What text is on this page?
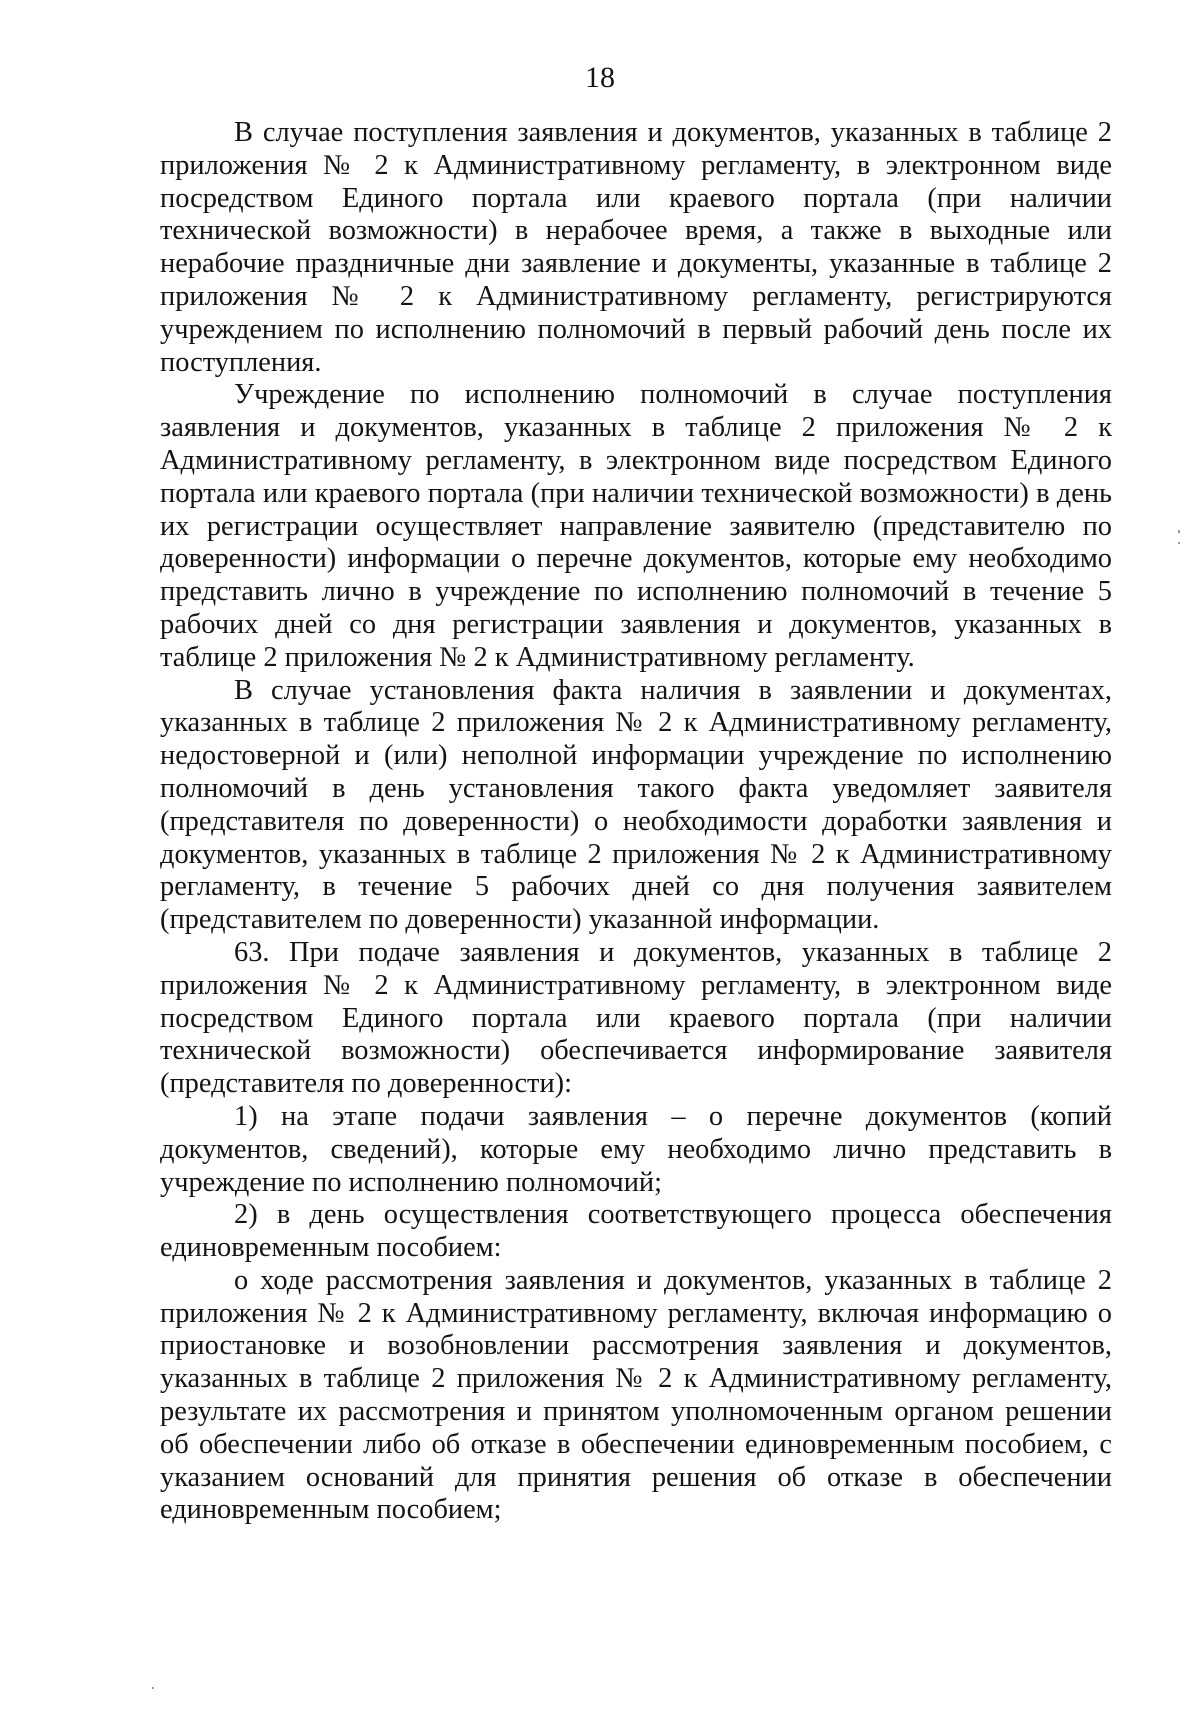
18

В случае поступления заявления и документов, указанных в таблице 2 приложения № 2 к Административному регламенту, в электронном виде посредством Единого портала или краевого портала (при наличии технической возможности) в нерабочее время, а также в выходные или нерабочие праздничные дни заявление и документы, указанные в таблице 2 приложения № 2 к Административному регламенту, регистрируются учреждением по исполнению полномочий в первый рабочий день после их поступления.

Учреждение по исполнению полномочий в случае поступления заявления и документов, указанных в таблице 2 приложения № 2 к Административному регламенту, в электронном виде посредством Единого портала или краевого портала (при наличии технической возможности) в день их регистрации осуществляет направление заявителю (представителю по доверенности) информации о перечне документов, которые ему необходимо представить лично в учреждение по исполнению полномочий в течение 5 рабочих дней со дня регистрации заявления и документов, указанных в таблице 2 приложения № 2 к Административному регламенту.

В случае установления факта наличия в заявлении и документах, указанных в таблице 2 приложения № 2 к Административному регламенту, недостоверной и (или) неполной информации учреждение по исполнению полномочий в день установления такого факта уведомляет заявителя (представителя по доверенности) о необходимости доработки заявления и документов, указанных в таблице 2 приложения № 2 к Административному регламенту, в течение 5 рабочих дней со дня получения заявителем (представителем по доверенности) указанной информации.

63. При подаче заявления и документов, указанных в таблице 2 приложения № 2 к Административному регламенту, в электронном виде посредством Единого портала или краевого портала (при наличии технической возможности) обеспечивается информирование заявителя (представителя по доверенности):

1) на этапе подачи заявления – о перечне документов (копий документов, сведений), которые ему необходимо лично представить в учреждение по исполнению полномочий;

2) в день осуществления соответствующего процесса обеспечения единовременным пособием:

о ходе рассмотрения заявления и документов, указанных в таблице 2 приложения № 2 к Административному регламенту, включая информацию о приостановке и возобновлении рассмотрения заявления и документов, указанных в таблице 2 приложения № 2 к Административному регламенту, результате их рассмотрения и принятом уполномоченным органом решении об обеспечении либо об отказе в обеспечении единовременным пособием, с указанием оснований для принятия решения об отказе в обеспечении единовременным пособием;
